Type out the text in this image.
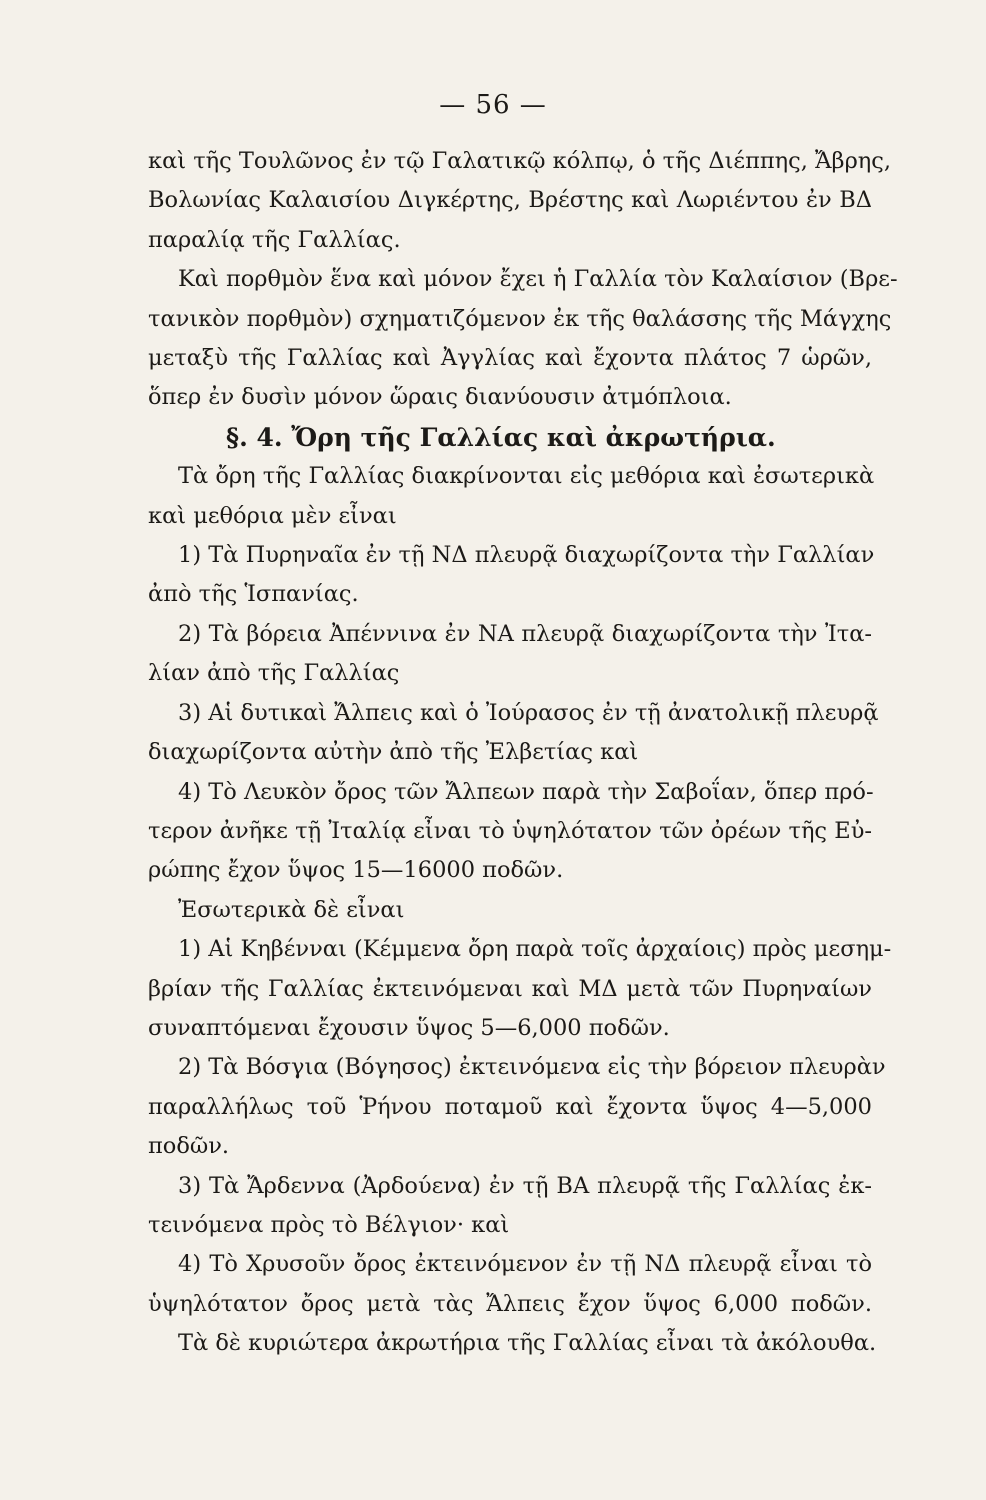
— 56 —
καὶ τῆς Τουλῶνος ἐν τῷ Γαλατικῷ κόλπῳ, ὁ τῆς Διέππης, Ἄβρης,
Βολωνίας Καλαισίου Διγκέρτης, Βρέστης καὶ Λωριέντου ἐν ΒΔ
παραλίᾳ τῆς Γαλλίας.
Καὶ πορθμὸν ἕνα καὶ μόνον ἔχει ἡ Γαλλία τὸν Καλαίσιον (Βρε-
τανικὸν πορθμὸν) σχηματιζόμενον ἐκ τῆς θαλάσσης τῆς Μάγχης
μεταξὺ τῆς Γαλλίας καὶ Ἀγγλίας καὶ ἔχοντα πλάτος 7 ὡρῶν,
ὅπερ ἐν δυσὶν μόνον ὥραις διανύουσιν ἀτμόπλοια.
§. 4. Ὄρη τῆς Γαλλίας καὶ ἀκρωτήρια.
Τὰ ὄρη τῆς Γαλλίας διακρίνονται εἰς μεθόρια καὶ ἐσωτερικὰ
καὶ μεθόρια μὲν εἶναι
1) Τὰ Πυρηναῖα ἐν τῇ ΝΔ πλευρᾷ διαχωρίζοντα τὴν Γαλλίαν
ἀπὸ τῆς Ἱσπανίας.
2) Τὰ βόρεια Ἀπέννινα ἐν ΝΑ πλευρᾷ διαχωρίζοντα τὴν Ἰτα-
λίαν ἀπὸ τῆς Γαλλίας
3) Αἱ δυτικαὶ Ἄλπεις καὶ ὁ Ἰούρασος ἐν τῇ ἀνατολικῇ πλευρᾷ
διαχωρίζοντα αὐτὴν ἀπὸ τῆς Ἐλβετίας καὶ
4) Τὸ Λευκὸν ὄρος τῶν Ἄλπεων παρὰ τὴν Σαβοΐαν, ὅπερ πρό-
τερον ἀνῆκε τῇ Ἰταλίᾳ εἶναι τὸ ὑψηλότατον τῶν ὀρέων τῆς Εὐ-
ρώπης ἔχον ὕψος 15—16000 ποδῶν.
Ἐσωτερικὰ δὲ εἶναι
1) Αἱ Κηβένναι (Κέμμενα ὄρη παρὰ τοῖς ἀρχαίοις) πρὸς μεσημ-
βρίαν τῆς Γαλλίας ἐκτεινόμεναι καὶ ΜΔ μετὰ τῶν Πυρηναίων
συναπτόμεναι ἔχουσιν ὕψος 5—6,000 ποδῶν.
2) Τὰ Βόσγια (Βόγησος) ἐκτεινόμενα εἰς τὴν βόρειον πλευρὰν
παραλλήλως τοῦ Ῥήνου ποταμοῦ καὶ ἔχοντα ὕψος 4—5,000
ποδῶν.
3) Τὰ Ἄρδεννα (Ἀρδούενα) ἐν τῇ ΒΑ πλευρᾷ τῆς Γαλλίας ἐκ-
τεινόμενα πρὸς τὸ Βέλγιον· καὶ
4) Τὸ Χρυσοῦν ὄρος ἐκτεινόμενον ἐν τῇ ΝΔ πλευρᾷ εἶναι τὸ
ὑψηλότατον ὄρος μετὰ τὰς Ἄλπεις ἔχον ὕψος 6,000 ποδῶν.
Τὰ δὲ κυριώτερα ἀκρωτήρια τῆς Γαλλίας εἶναι τὰ ἀκόλουθα.
